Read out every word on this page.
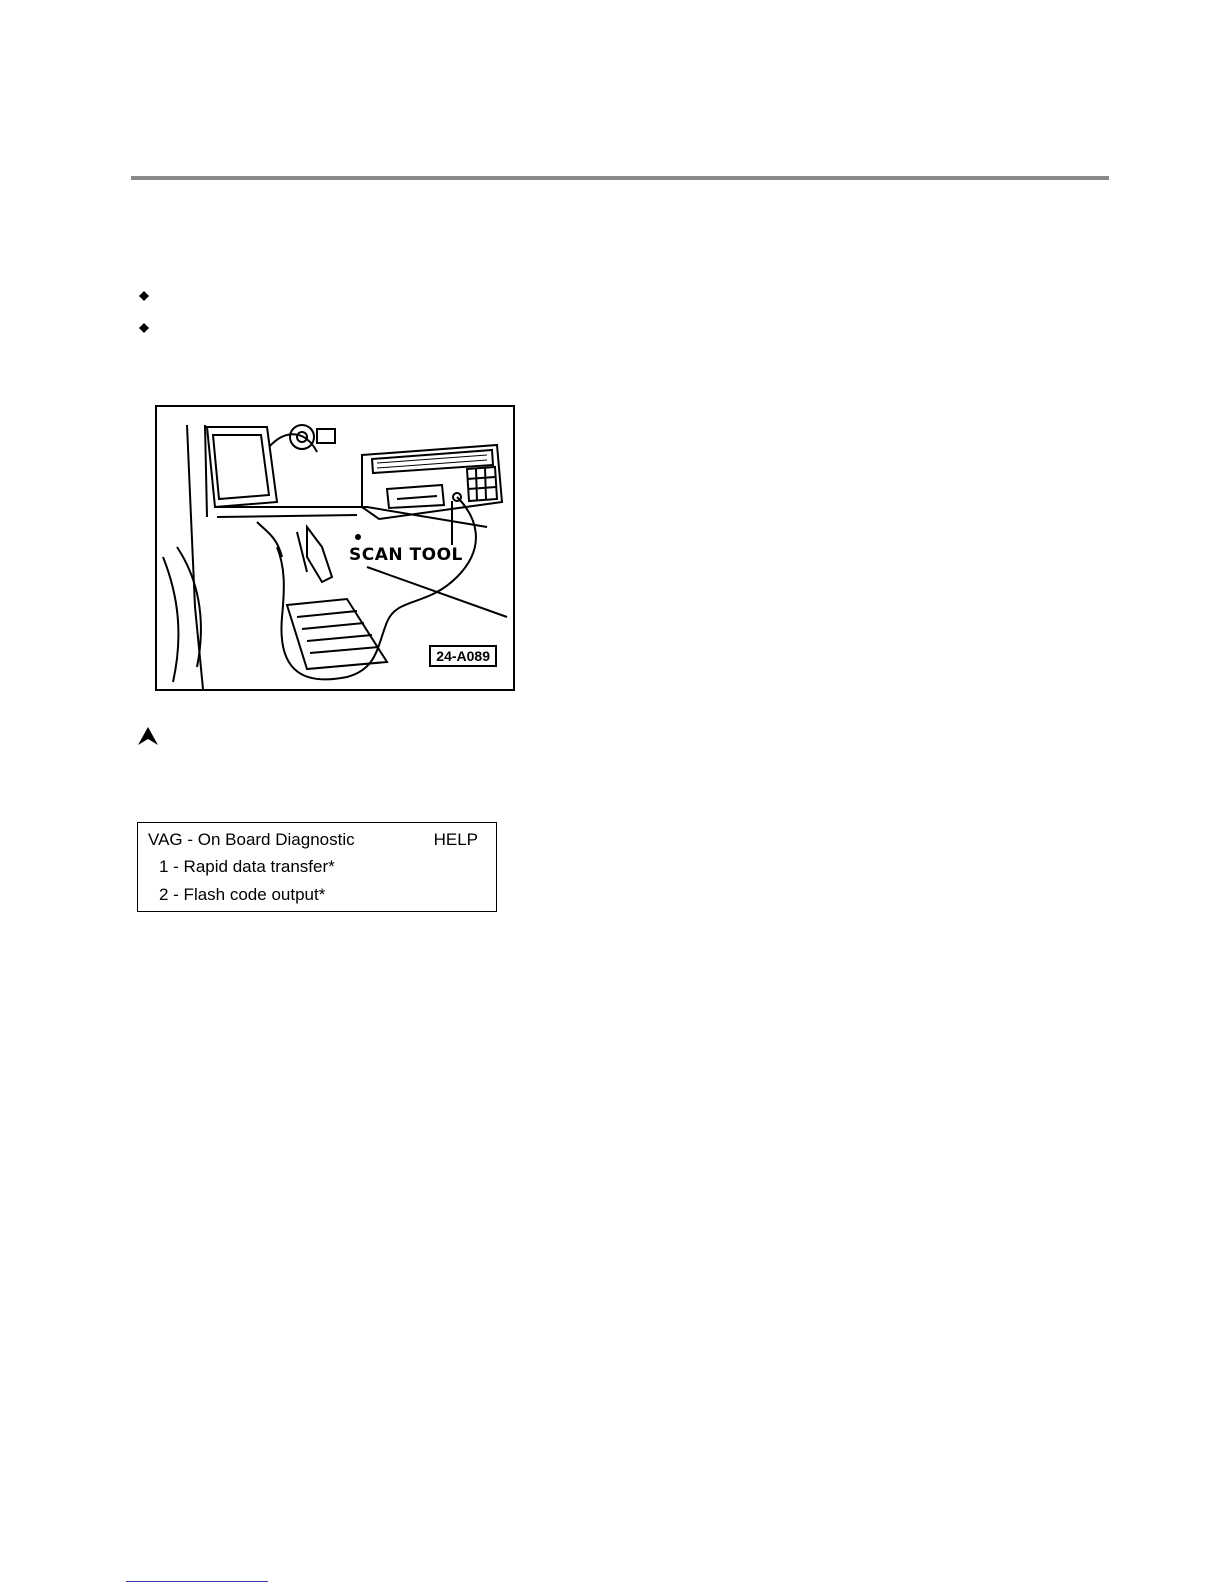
SCAN TOOL
24-A089
VAG - On Board Diagnostic	HELP
1 - Rapid data transfer*
2 - Flash code output*
